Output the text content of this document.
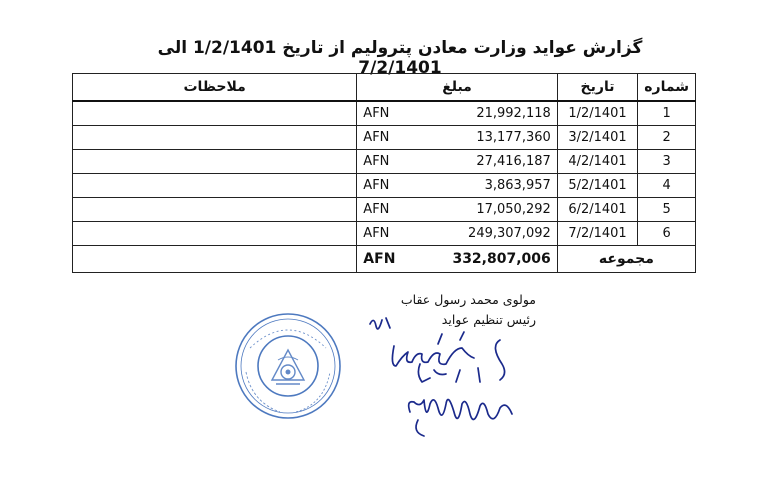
گزارش عواید وزارت معادن پترولیم از تاریخ 1/2/1401 الی 7/2/1401
ملاحظات	مبلغ		تاریخ	شماره
	AFN	21,992,118	1/2/1401	1
	AFN	13,177,360	3/2/1401	2
	AFN	27,416,187	4/2/1401	3
	AFN	3,863,957	5/2/1401	4
	AFN	17,050,292	6/2/1401	5
	AFN	249,307,092	7/2/1401	6
	AFN	332,807,006	مجموعه	
مولوی محمد رسول عقاب
رئیس تنظیم عواید
